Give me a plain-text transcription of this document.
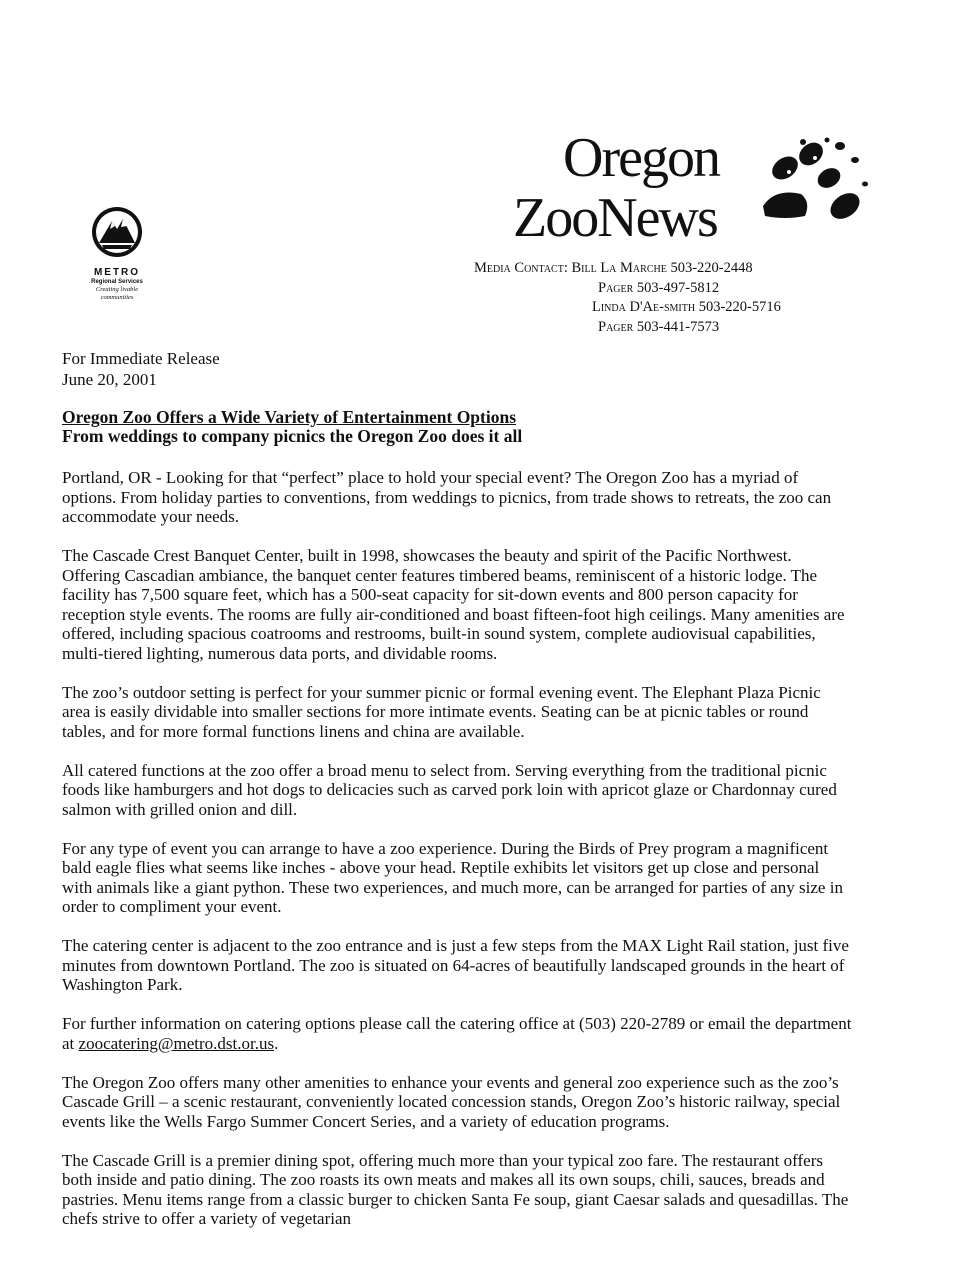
METRO
Regional Services
Creating livable
communities
Oregon
ZooNews
Media Contact: Bill La Marche 503-220-2448
Pager 503-497-5812
Linda D'Ae-smith 503-220-5716
Pager 503-441-7573
For Immediate Release
June 20, 2001
Oregon Zoo Offers a Wide Variety of Entertainment Options
From weddings to company picnics the Oregon Zoo does it all

Portland, OR - Looking for that “perfect” place to hold your special event? The Oregon Zoo has a myriad of options. From holiday parties to conventions, from weddings to picnics, from trade shows to retreats, the zoo can accommodate your needs.

The Cascade Crest Banquet Center, built in 1998, showcases the beauty and spirit of the Pacific Northwest. Offering Cascadian ambiance, the banquet center features timbered beams, reminiscent of a historic lodge. The facility has 7,500 square feet, which has a 500-seat capacity for sit-down events and 800 person capacity for reception style events. The rooms are fully air-conditioned and boast fifteen-foot high ceilings. Many amenities are offered, including spacious coatrooms and restrooms, built-in sound system, complete audiovisual capabilities, multi-tiered lighting, numerous data ports, and dividable rooms.

The zoo’s outdoor setting is perfect for your summer picnic or formal evening event. The Elephant Plaza Picnic area is easily dividable into smaller sections for more intimate events. Seating can be at picnic tables or round tables, and for more formal functions linens and china are available.

All catered functions at the zoo offer a broad menu to select from. Serving everything from the traditional picnic foods like hamburgers and hot dogs to delicacies such as carved pork loin with apricot glaze or Chardonnay cured salmon with grilled onion and dill.

For any type of event you can arrange to have a zoo experience. During the Birds of Prey program a magnificent bald eagle flies what seems like inches - above your head. Reptile exhibits let visitors get up close and personal with animals like a giant python. These two experiences, and much more, can be arranged for parties of any size in order to compliment your event.

The catering center is adjacent to the zoo entrance and is just a few steps from the MAX Light Rail station, just five minutes from downtown Portland. The zoo is situated on 64-acres of beautifully landscaped grounds in the heart of Washington Park.

For further information on catering options please call the catering office at (503) 220-2789 or email the department at zoocatering@metro.dst.or.us.

The Oregon Zoo offers many other amenities to enhance your events and general zoo experience such as the zoo’s Cascade Grill – a scenic restaurant, conveniently located concession stands, Oregon Zoo’s historic railway, special events like the Wells Fargo Summer Concert Series, and a variety of education programs.

The Cascade Grill is a premier dining spot, offering much more than your typical zoo fare. The restaurant offers both inside and patio dining. The zoo roasts its own meats and makes all its own soups, chili, sauces, breads and pastries. Menu items range from a classic burger to chicken Santa Fe soup, giant Caesar salads and quesadillas. The chefs strive to offer a variety of vegetarian
